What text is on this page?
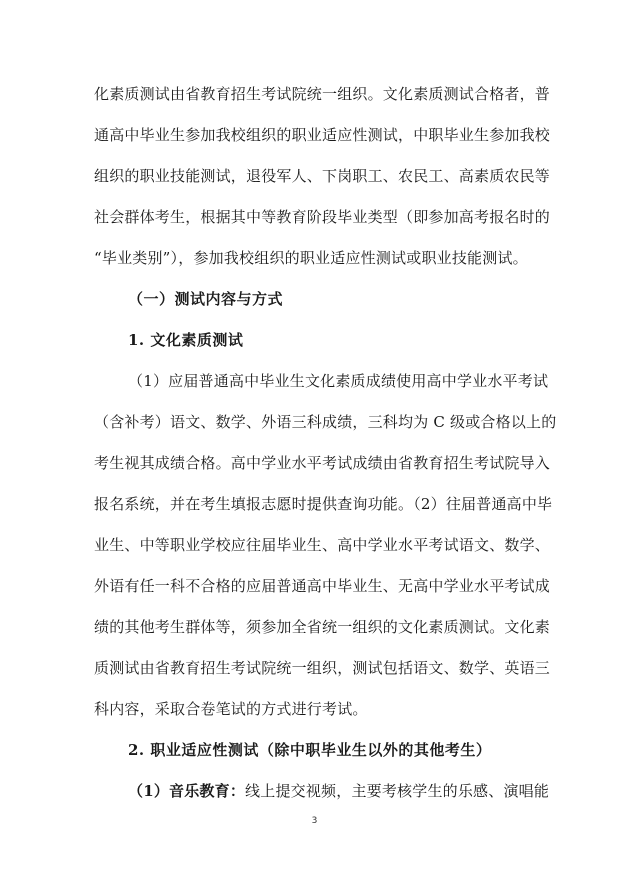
化素质测试由省教育招生考试院统一组织。文化素质测试合格者，普
通高中毕业生参加我校组织的职业适应性测试，中职毕业生参加我校
组织的职业技能测试，退役军人、下岗职工、农民工、高素质农民等
社会群体考生，根据其中等教育阶段毕业类型（即参加高考报名时的
“毕业类别”），参加我校组织的职业适应性测试或职业技能测试。
（一）测试内容与方式
1. 文化素质测试
（1）应届普通高中毕业生文化素质成绩使用高中学业水平考试
（含补考）语文、数学、外语三科成绩，三科均为 C 级或合格以上的
考生视其成绩合格。高中学业水平考试成绩由省教育招生考试院导入
报名系统，并在考生填报志愿时提供查询功能。（2）往届普通高中毕
业生、中等职业学校应往届毕业生、高中学业水平考试语文、数学、
外语有任一科不合格的应届普通高中毕业生、无高中学业水平考试成
绩的其他考生群体等，须参加全省统一组织的文化素质测试。文化素
质测试由省教育招生考试院统一组织，测试包括语文、数学、英语三
科内容，采取合卷笔试的方式进行考试。
2. 职业适应性测试（除中职毕业生以外的其他考生）
（1）音乐教育：线上提交视频，主要考核学生的乐感、演唱能
3
